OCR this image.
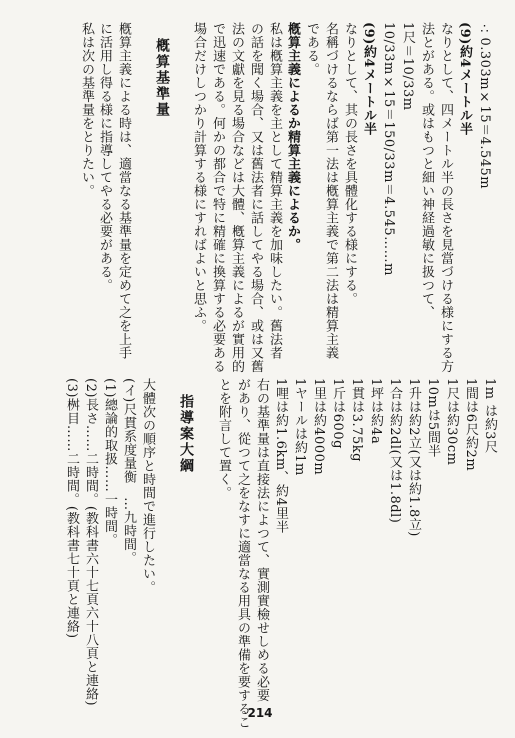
∴0.303m×15＝4.545m
(9)約4メートル半
なりとして、四メートル半の長さを見當づける様にする方
法とがある。或はもつと細い神経過敏に扱つて、
1尺＝10/33m
10/33m×15＝150/33m＝4.545……m
(9)約4メートル半
なりとして、其の長さを具體化する様にする。
名稱づけるならば第一法は槪算主義で第二法は精算主義
である。
槪算主義によるか精算主義によるか。
私は槪算主義を主として精算主義を加味したい。舊法者
の話を聞く場合、又は舊法者に話してやる場合、或は又舊
法の文獻を見る場合などは大體、槪算主義によるが實用的
で迅速である。何かの都合で特に精確に換算する必要ある
場合だけしつかり計算する様にすればよいと思ふ。
槪算基準量
槪算主義による時は、適當なる基準量を定めて之を上手
に活用し得る様に指導してやる必要がある。
私は次の基準量をとりたい。
1m は約3尺
1間は6尺約2m
1尺は約30cm
10mは5間半
1升は約2立(又は約1.8立)
1合は約2dl(又は1.8dl)
1坪は約4a
1貫は3.75kg
1斤は600g
1里は約4000m
1ヤールは約1m
1哩は約1.6km、約4里半
右の基準量は直接法によつて、實測實檢せしめる必要
があり、從つて之をなすに適當なる用具の準備を要するこ
とを附言して置く。
指導案大綱
大體次の順序と時間で進行したい。
(イ)尺貫系度量衡　…九時間。
(1)總論的取扱……一時間。
(2)長さ……二時間。(教科書六十七頁六十八頁と連絡)
(3)桝目……二時間。(教科書七十頁と連絡)
214
